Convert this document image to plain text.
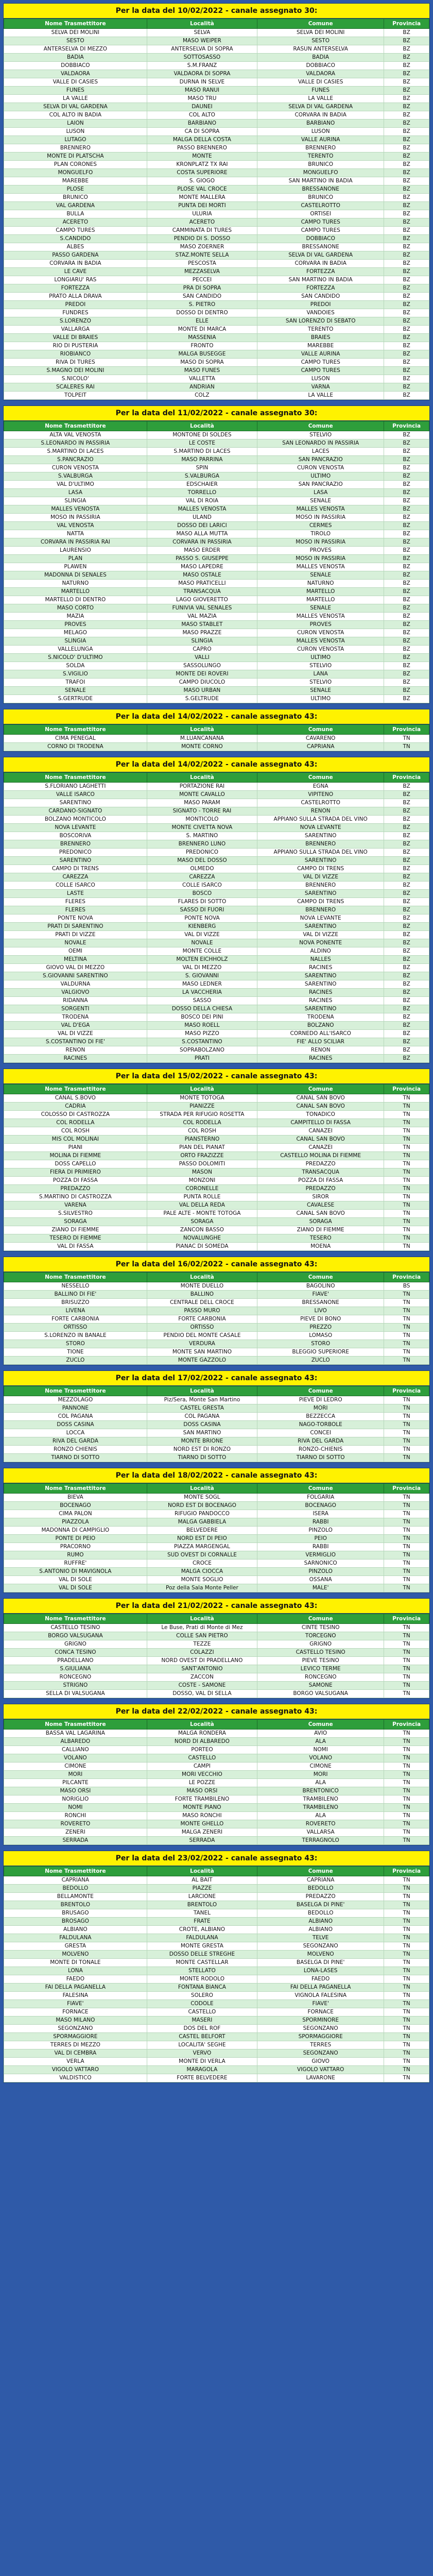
Per la data del 10/02/2022 - canale assegnato 30:
Nome Trasmettitore	Località	Comune	Provincia
SELVA DEI MOLINI	SELVA	SELVA DEI MOLINI	BZ
SESTO	MASO WEIPER	SESTO	BZ
ANTERSELVA DI MEZZO	ANTERSELVA DI SOPRA	RASUN ANTERSELVA	BZ
BADIA	SOTTOSASSO	BADIA	BZ
DOBBIACO	S.M.FRANZ	DOBBIACO	BZ
VALDAORA	VALDAORA DI SOPRA	VALDAORA	BZ
VALLE DI CASIES	DURNA IN SELVE	VALLE DI CASIES	BZ
FUNES	MASO RANUI	FUNES	BZ
LA VALLE	MASO TRU	LA VALLE	BZ
SELVA DI VAL GARDENA	DAUNEI	SELVA DI VAL GARDENA	BZ
COL ALTO IN BADIA	COL ALTO	CORVARA IN BADIA	BZ
LAION	BARBIANO	BARBIANO	BZ
LUSON	CA DI SOPRA	LUSON	BZ
LUTAGO	MALGA DELLA COSTA	VALLE AURINA	BZ
BRENNERO	PASSO BRENNERO	BRENNERO	BZ
MONTE DI PLATSCHA	MONTE	TERENTO	BZ
PLAN CORONES	KRONPLATZ TX RAI	BRUNICO	BZ
MONGUELFO	COSTA SUPERIORE	MONGUELFO	BZ
MAREBBE	S. GIOGO	SAN MARTINO IN BADIA	BZ
PLOSE	PLOSE VAL CROCE	BRESSANONE	BZ
BRUNICO	MONTE MALLERA	BRUNICO	BZ
VAL GARDENA	PUNTA DEI MORTI	CASTELROTTO	BZ
BULLA	ULURIA	ORTISEI	BZ
ACERETO	ACERETO	CAMPO TURES	BZ
CAMPO TURES	CAMMINATA DI TURES	CAMPO TURES	BZ
S.CANDIDO	PENDIO DI S. DOSSO	DOBBIACO	BZ
ALBES	MASO ZOERNER	BRESSANONE	BZ
PASSO GARDENA	STAZ.MONTE SELLA	SELVA DI VAL GARDENA	BZ
CORVARA IN BADIA	PESCOSTA	CORVARA IN BADIA	BZ
LE CAVE	MEZZASELVA	FORTEZZA	BZ
LONGIARU' RAS	PECCEI	SAN MARTINO IN BADIA	BZ
FORTEZZA	PRA DI SOPRA	FORTEZZA	BZ
PRATO ALLA DRAVA	SAN CANDIDO	SAN CANDIDO	BZ
PREDOI	S. PIETRO	PREDOI	BZ
FUNDRES	DOSSO DI DENTRO	VANDOIES	BZ
S.LORENZO	ELLE	SAN LORENZO DI SEBATO	BZ
VALLARGA	MONTE DI MARCA	TERENTO	BZ
VALLE DI BRAIES	MASSENIA	BRAIES	BZ
RIO DI PUSTERIA	FRONTO	MAREBBE	BZ
RIOBIANCO	MALGA BUSEGGE	VALLE AURINA	BZ
RIVA DI TURES	MASO DI SOPRA	CAMPO TURES	BZ
S.MAGNO DEI MOLINI	MASO FUNES	CAMPO TURES	BZ
S.NICOLO'	VALLETTA	LUSON	BZ
SCALERES RAI	ANDRIAN	VARNA	BZ
TOLPEIT	COLZ	LA VALLE	BZ
Per la data del 11/02/2022 - canale assegnato 30:
Nome Trasmettitore	Località	Comune	Provincia
ALTA VAL VENOSTA	MONTONE DI SOLDES	STELVIO	BZ
S.LEONARDO IN PASSIRIA	LE COSTE	SAN LEONARDO IN PASSIRIA	BZ
S.MARTINO DI LACES	S.MARTINO DI LACES	LACES	BZ
S.PANCRAZIO	MASO PARRINA	SAN PANCRAZIO	BZ
CURON VENOSTA	SPIN	CURON VENOSTA	BZ
S.VALBURGA	S.VALBURGA	ULTIMO	BZ
VAL D'ULTIMO	EDSCHAIER	SAN PANCRAZIO	BZ
LASA	TORRELLO	LASA	BZ
SLINGIA	VAL DI ROIA	SENALE	BZ
MALLES VENOSTA	MALLES VENOSTA	MALLES VENOSTA	BZ
MOSO IN PASSIRIA	ULAND	MOSO IN PASSIRIA	BZ
VAL VENOSTA	DOSSO DEI LARICI	CERMES	BZ
NATTA	MASO ALLA MUTTA	TIROLO	BZ
CORVARA IN PASSIRIA RAI	CORVARA IN PASSIRIA	MOSO IN PASSIRIA	BZ
LAURENSIO	MASO ERDER	PROVES	BZ
PLAN	PASSO S. GIUSEPPE	MOSO IN PASSIRIA	BZ
PLAWEN	MASO LAPEDRE	MALLES VENOSTA	BZ
MADONNA DI SENALES	MASO OSTALE	SENALE	BZ
NATURNO	MASO PRATICELLI	NATURNO	BZ
MARTELLO	TRANSACQUA	MARTELLO	BZ
MARTELLO DI DENTRO	LAGO GIOVERETTO	MARTELLO	BZ
MASO CORTO	FUNIVIA VAL SENALES	SENALE	BZ
MAZIA	VAL MAZIA	MALLES VENOSTA	BZ
PROVES	MASO STABLET	PROVES	BZ
MELAGO	MASO PRAZZE	CURON VENOSTA	BZ
SLINGIA	SLINGIA	MALLES VENOSTA	BZ
VALLELUNGA	CAPRO	CURON VENOSTA	BZ
S.NICOLO' D'ULTIMO	VALLI	ULTIMO	BZ
SOLDA	SASSOLUNGO	STELVIO	BZ
S.VIGILIO	MONTE DEI ROVERI	LANA	BZ
TRAFOI	CAMPO DIUCOLO	STELVIO	BZ
SENALE	MASO URBAN	SENALE	BZ
S.GERTRUDE	S.GELTRUDE	ULTIMO	BZ
Per la data del 14/02/2022 - canale assegnato 43:
Nome Trasmettitore	Località	Comune	Provincia
CIMA PENEGAL	M.LUANCANANA	CAVARENO	TN
CORNO DI TRODENA	MONTE CORNO	CAPRIANA	TN
Per la data del 14/02/2022 - canale assegnato 43:
Nome Trasmettitore	Località	Comune	Provincia
S.FLORIANO LAGHETTI	PORTAZIONE RAI	EGNA	BZ
VALLE ISARCO	MONTE CAVALLO	VIPITENO	BZ
SARENTINO	MASO PARAM	CASTELROTTO	BZ
CARDANO-SIGNATO	SIGNATO - TORRE RAI	RENON	BZ
BOLZANO MONTICOLO	MONTICOLO	APPIANO SULLA STRADA DEL VINO	BZ
NOVA LEVANTE	MONTE CIVETTA NOVA	NOVA LEVANTE	BZ
BOSCORIVA	S. MARTINO	SARENTINO	BZ
BRENNERO	BRENNERO LUNO	BRENNERO	BZ
PREDONICO	PREDONICO	APPIANO SULLA STRADA DEL VINO	BZ
SARENTINO	MASO DEL DOSSO	SARENTINO	BZ
CAMPO DI TRENS	OLMEDO	CAMPO DI TRENS	BZ
CAREZZA	CAREZZA	VAL DI VIZZE	BZ
COLLE ISARCO	COLLE ISARCO	BRENNERO	BZ
LASTE	BOSCO	SARENTINO	BZ
FLERES	FLARES DI SOTTO	CAMPO DI TRENS	BZ
FLERES	SASSO DI FUORI	BRENNERO	BZ
PONTE NOVA	PONTE NOVA	NOVA LEVANTE	BZ
PRATI DI SARENTINO	KIENBERG	SARENTINO	BZ
PRATI DI VIZZE	VAL DI VIZZE	VAL DI VIZZE	BZ
NOVALE	NOVALE	NOVA PONENTE	BZ
OEMI	MONTE COLLE	ALDINO	BZ
MELTINA	MOLTEN EICHHOLZ	NALLES	BZ
GIOVO VAL DI MEZZO	VAL DI MEZZO	RACINES	BZ
S.GIOVANNI SARENTINO	S. GIOVANNI	SARENTINO	BZ
VALDURNA	MASO LEDNER	SARENTINO	BZ
VALGIOVO	LA VACCHERIA	RACINES	BZ
RIDANNA	SASSO	RACINES	BZ
SORGENTI	DOSSO DELLA CHIESA	SARENTINO	BZ
TRODENA	BOSCO DEI PINI	TRODENA	BZ
VAL D'EGA	MASO ROELL	BOLZANO	BZ
VAL DI VIZZE	MASO PIZZO	CORNEDO ALL'ISARCO	BZ
S.COSTANTINO DI FIE'	S.COSTANTINO	FIE' ALLO SCILIAR	BZ
RENON	SOPRABOLZANO	RENON	BZ
RACINES	PRATI	RACINES	BZ
Per la data del 15/02/2022 - canale assegnato 43:
Nome Trasmettitore	Località	Comune	Provincia
CANAL S.BOVO	MONTE TOTOGA	CANAL SAN BOVO	TN
CADRIA	PIANIZZE	CANAL SAN BOVO	TN
COLOSSO DI CASTROZZA	STRADA PER RIFUGIO ROSETTA	TONADICO	TN
COL RODELLA	COL RODELLA	CAMPITELLO DI FASSA	TN
COL ROSH	COL ROSH	CANAZEI	TN
MIS COL MOLINAI	PIANSTERNO	CANAL SAN BOVO	TN
PIANI	PIAN DEL PIANAT	CANAZEI	TN
MOLINA DI FIEMME	ORTO FRAZIZZE	CASTELLO MOLINA DI FIEMME	TN
DOSS CAPELLO	PASSO DOLOMITI	PREDAZZO	TN
FIERA DI PRIMIERO	MASON	TRANSACQUA	TN
POZZA DI FASSA	MONZONI	POZZA DI FASSA	TN
PREDAZZO	CORONELLE	PREDAZZO	TN
S.MARTINO DI CASTROZZA	PUNTA ROLLE	SIROR	TN
VARENA	VAL DELLA REDA	CAVALESE	TN
S.SILVESTRO	PALE ALTE - MONTE TOTOGA	CANAL SAN BOVO	TN
SORAGA	SORAGA	SORAGA	TN
ZIANO DI FIEMME	ZANCON BASSO	ZIANO DI FIEMME	TN
TESERO DI FIEMME	NOVALUNGHE	TESERO	TN
VAL DI FASSA	PIANAC DI SOMEDA	MOENA	TN
Per la data del 16/02/2022 - canale assegnato 43:
Nome Trasmettitore	Località	Comune	Provincia
NESSELLO	MONTE DUELLO	BAGOLINO	BS
BALLINO DI FIE'	BALLINO	FIAVE'	TN
BRISUZZO	CENTRALE DELL CROCE	BRESSANONE	TN
LIVENA	PASSO MURO	LIVO	TN
FORTE CARBONIA	FORTE CARBONIA	PIEVE DI BONO	TN
ORTISSO	ORTISSO	PREZZO	TN
S.LORENZO IN BANALE	PENDIO DEL MONTE CASALE	LOMASO	TN
STORO	VERDURA	STORO	TN
TIONE	MONTE SAN MARTINO	BLEGGIO SUPERIORE	TN
ZUCLO	MONTE GAZZOLO	ZUCLO	TN
Per la data del 17/02/2022 - canale assegnato 43:
Nome Trasmettitore	Località	Comune	Provincia
MEZZOLAGO	Piz/Sera, Monte San Martino	PIEVE DI LEDRO	TN
PANNONE	CASTEL GRESTA	MORI	TN
COL PAGANA	COL PAGANA	BEZZECCA	TN
DOSS CASINA	DOSS CASINA	NAGO-TORBOLE	TN
LOCCA	SAN MARTINO	CONCEI	TN
RIVA DEL GARDA	MONTE BRIONE	RIVA DEL GARDA	TN
RONZO CHIENIS	NORD EST DI RONZO	RONZO-CHIENIS	TN
TIARNO DI SOTTO	TIARNO DI SOTTO	TIARNO DI SOTTO	TN
Per la data del 18/02/2022 - canale assegnato 43:
Nome Trasmettitore	Località	Comune	Provincia
BIEVA	MONTE SOGL	FOLGARIA	TN
BOCENAGO	NORD EST DI BOCENAGO	BOCENAGO	TN
CIMA PALON	RIFUGIO PANDOCCO	ISERA	TN
PIAZZOLA	MALGA GABBIELA	RABBI	TN
MADONNA DI CAMPIGLIO	BELVEDERE	PINZOLO	TN
PONTE DI PEIO	NORD EST DI PEIO	PEIO	TN
PRACORNO	PIAZZA MARGENGAL	RABBI	TN
RUMO	SUD OVEST DI CORNALLE	VERMIGLIO	TN
RUFFRE'	CROCE	SARNONICO	TN
S.ANTONIO DI MAVIGNOLA	MALGA CIOCCA	PINZOLO	TN
VAL DI SOLE	MONTE SOGLIO	OSSANA	TN
VAL DI SOLE	Poz della Sala Monte Peller	MALE'	TN
Per la data del 21/02/2022 - canale assegnato 43:
Nome Trasmettitore	Località	Comune	Provincia
CASTELLO TESINO	Le Buse, Prati di Monte di Mez	CINTE TESINO	TN
BORGO VALSUGANA	COLLE SAN PIETRO	TORCEGNO	TN
GRIGNO	TEZZE	GRIGNO	TN
CONCA TESINO	COLAZZI	CASTELLO TESINO	TN
PRADELLANO	NORD OVEST DI PRADELLANO	PIEVE TESINO	TN
S.GIULIANA	SANT'ANTONIO	LEVICO TERME	TN
RONCEGNO	ZACCON	RONCEGNO	TN
STRIGNO	COSTE - SAMONE	SAMONE	TN
SELLA DI VALSUGANA	DOSSO, VAL DI SELLA	BORGO VALSUGANA	TN
Per la data del 22/02/2022 - canale assegnato 43:
Nome Trasmettitore	Località	Comune	Provincia
BASSA VAL LAGARINA	MALGA RONDERA	AVIO	TN
ALBAREDO	NORD DI ALBAREDO	ALA	TN
CALLIANO	PORTEO	NOMI	TN
VOLANO	CASTELLO	VOLANO	TN
CIMONE	CAMPI	CIMONE	TN
MORI	MORI VECCHIO	MORI	TN
PILCANTE	LE POZZE	ALA	TN
MASO ORSI	MASO ORSI	BRENTONICO	TN
NORIGLIO	FORTE TRAMBILENO	TRAMBILENO	TN
NOMI	MONTE PIANO	TRAMBILENO	TN
RONCHI	MASO RONCHI	ALA	TN
ROVERETO	MONTE GHELLO	ROVERETO	TN
ZENERI	MALGA ZENERI	VALLARSA	TN
SERRADA	SERRADA	TERRAGNOLO	TN
Per la data del 23/02/2022 - canale assegnato 43:
Nome Trasmettitore	Località	Comune	Provincia
CAPRIANA	AL BAIT	CAPRIANA	TN
BEDOLLO	PIAZZE	BEDOLLO	TN
BELLAMONTE	LARCIONE	PREDAZZO	TN
BRENTOLO	BRENTOLO	BASELGA DI PINE'	TN
BRUSAGO	TANEL	BEDOLLO	TN
BROSAGO	FRATE	ALBIANO	TN
ALBIANO	CROTE, ALBIANO	ALBIANO	TN
FALDULANA	FALDULANA	TELVE	TN
GRESTA	MONTE GRESTA	SEGONZANO	TN
MOLVENO	DOSSO DELLE STREGHE	MOLVENO	TN
MONTE DI TONALE	MONTE CASTELLAR	BASELGA DI PINE'	TN
LONA	STELLATO	LONA-LASES	TN
FAEDO	MONTE RODOLO	FAEDO	TN
FAI DELLA PAGANELLA	FONTANA BIANCA	FAI DELLA PAGANELLA	TN
FALESINA	SOLERO	VIGNOLA FALESINA	TN
FIAVE'	CODOLE	FIAVE'	TN
FORNACE	CASTELLO	FORNACE	TN
MASO MILANO	MASERI	SPORMINORE	TN
SEGONZANO	DOS DEL ROF	SEGONZANO	TN
SPORMAGGIORE	CASTEL BELFORT	SPORMAGGIORE	TN
TERRES DI MEZZO	LOCALITA' SEGHE	TERRES	TN
VAL DI CEMBRA	VERVO	SEGONZANO	TN
VERLA	MONTE DI VERLA	GIOVO	TN
VIGOLO VATTARO	MARAGOLA	VIGOLO VATTARO	TN
VALDISTICO	FORTE BELVEDERE	LAVARONE	TN
